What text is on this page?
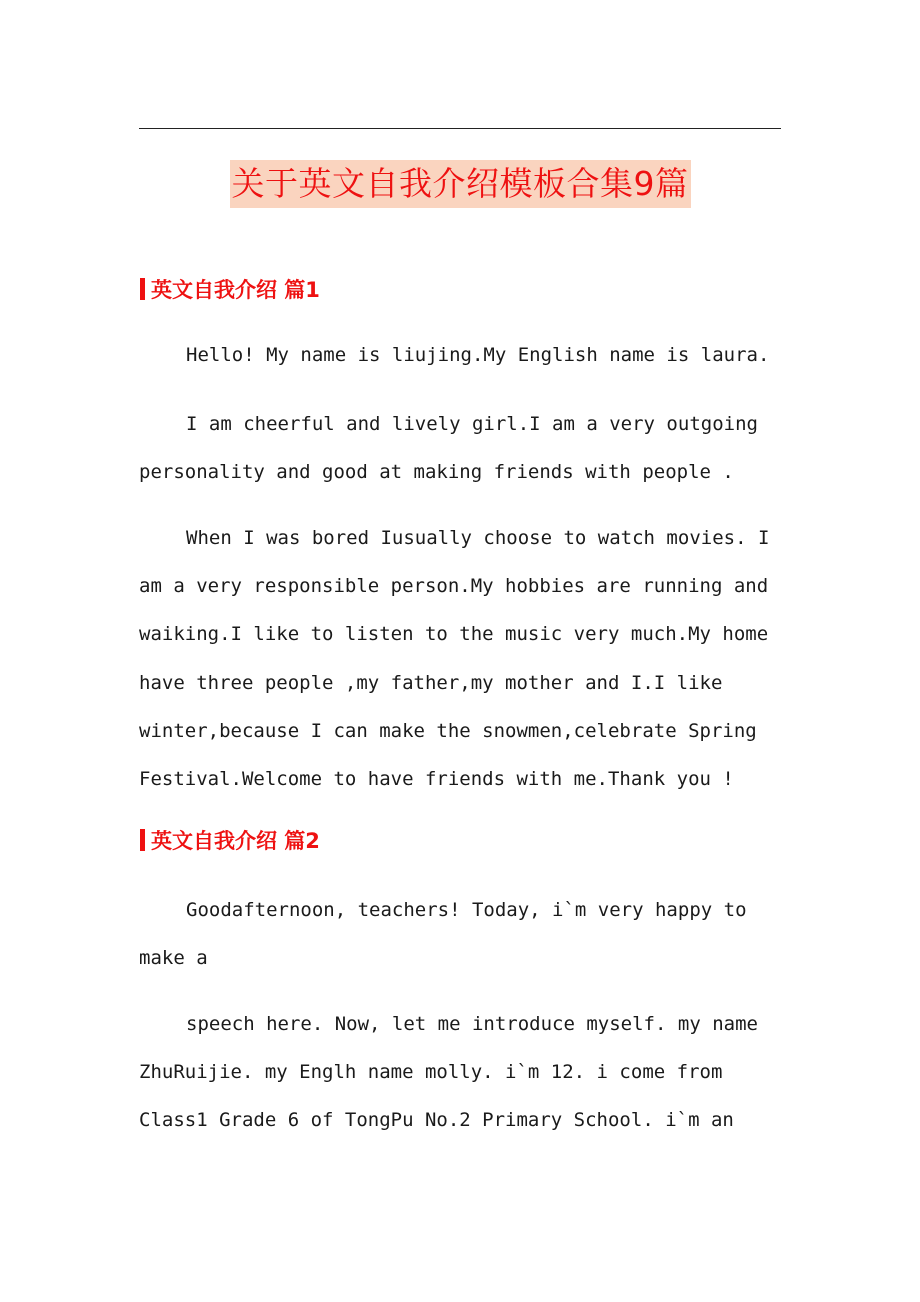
关于英文自我介绍模板合集9篇
英文自我介绍 篇1
Hello! My name is liujing.My English name is laura.
I am cheerful and lively girl.I am a very outgoing
personality and good at making friends with people .
When I was bored Iusually choose to watch movies. I
am a very responsible person.My hobbies are running and
waiking.I like to listen to the music very much.My home
have three people ,my father,my mother and I.I like
winter,because I can make the snowmen,celebrate Spring
Festival.Welcome to have friends with me.Thank you !
英文自我介绍 篇2
Goodafternoon, teachers! Today, i`m very happy to
make a
speech here. Now, let me introduce myself. my name
ZhuRuijie. my Englh name molly. i`m 12. i come from
Class1 Grade 6 of TongPu No.2 Primary School. i`m an
